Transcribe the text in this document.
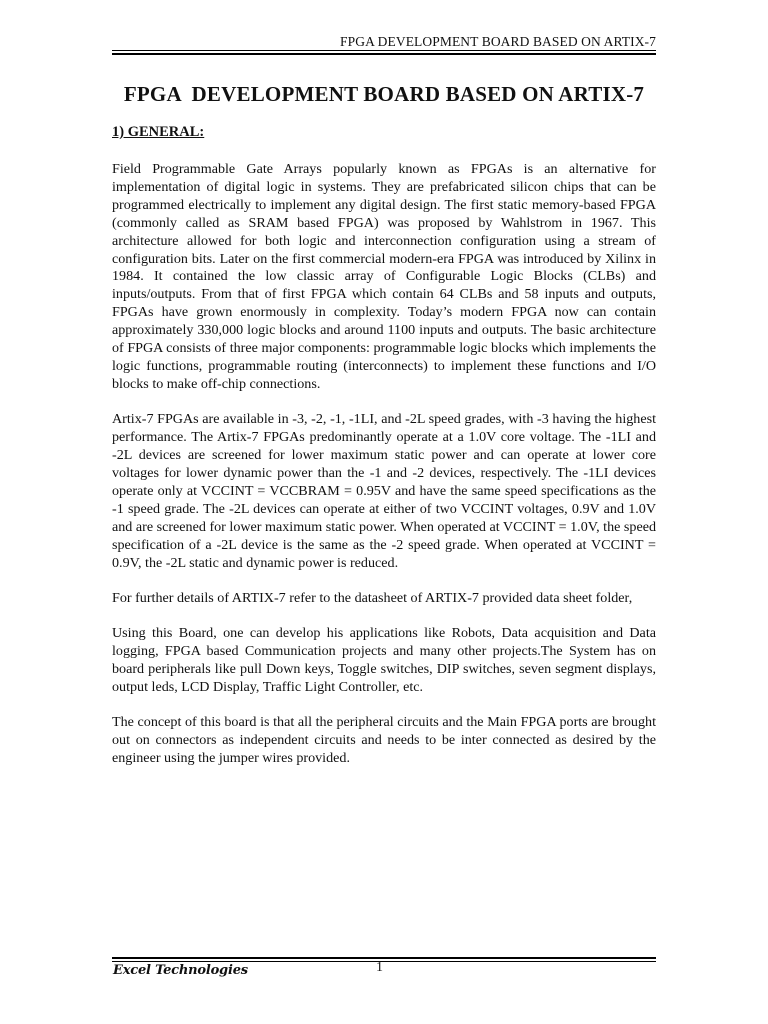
FPGA DEVELOPMENT BOARD BASED ON ARTIX-7
FPGA  DEVELOPMENT BOARD BASED ON ARTIX-7
1) GENERAL:

Field Programmable Gate Arrays popularly known as FPGAs is an alternative for implementation of digital logic in systems. They are prefabricated silicon chips that can be programmed electrically to implement any digital design. The first static memory-based FPGA (commonly called as SRAM based FPGA) was proposed by Wahlstrom in 1967. This architecture allowed for both logic and interconnection configuration using a stream of configuration bits. Later on the first commercial modern-era FPGA was introduced by Xilinx in 1984. It contained the low classic array of Configurable Logic Blocks (CLBs) and inputs/outputs. From that of first FPGA which contain 64 CLBs and 58 inputs and outputs, FPGAs have grown enormously in complexity. Today’s modern FPGA now can contain approximately 330,000 logic blocks and around 1100 inputs and outputs. The basic architecture of FPGA consists of three major components: programmable logic blocks which implements the logic functions, programmable routing (interconnects) to implement these functions and I/O blocks to make off-chip connections.

Artix-7 FPGAs are available in -3, -2, -1, -1LI, and -2L speed grades, with -3 having the highest performance. The Artix-7 FPGAs predominantly operate at a 1.0V core voltage. The -1LI and -2L devices are screened for lower maximum static power and can operate at lower core voltages for lower dynamic power than the -1 and -2 devices, respectively. The -1LI devices operate only at VCCINT = VCCBRAM = 0.95V and have the same speed specifications as the -1 speed grade. The -2L devices can operate at either of two VCCINT voltages, 0.9V and 1.0V and are screened for lower maximum static power. When operated at VCCINT = 1.0V, the speed specification of a -2L device is the same as the -2 speed grade. When operated at VCCINT = 0.9V, the -2L static and dynamic power is reduced.

For further details of ARTIX-7 refer to the datasheet of ARTIX-7 provided data sheet folder,

Using this Board, one can develop his applications like Robots, Data acquisition and Data logging, FPGA based Communication projects and many other projects.The System has on board peripherals like pull Down keys, Toggle switches, DIP switches, seven segment displays, output leds, LCD Display, Traffic Light Controller, etc.

The concept of this board is that all the peripheral circuits and the Main FPGA ports are brought out on connectors as independent circuits and needs to be inter connected as desired by the engineer using the jumper wires provided.

Excel Technologies	1
